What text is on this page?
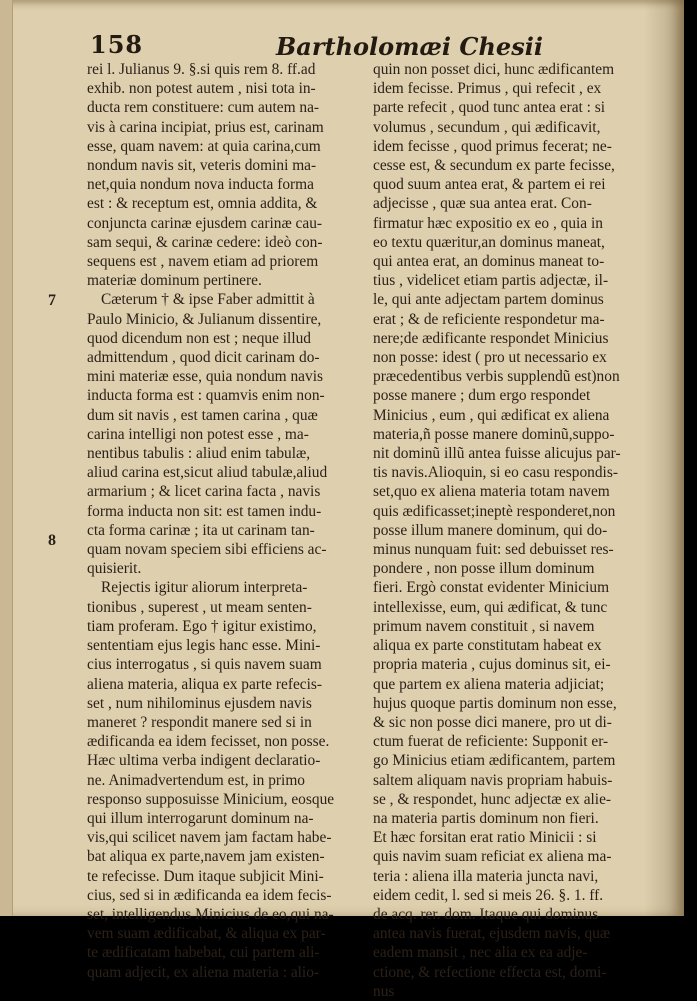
158	Bartholomæi Chesii
7
8
rei l. Julianus 9. §.si quis rem 8. ff.ad
exhib. non potest autem , nisi tota in-
ducta rem constituere: cum autem na-
vis à carina incipiat, prius est, carinam
esse, quam navem: at quia carina,cum
nondum navis sit, veteris domini ma-
net,quia nondum nova inducta forma
est : & receptum est, omnia addita, &
conjuncta carinæ ejusdem carinæ cau-
sam sequi, & carinæ cedere: ideò con-
sequens est , navem etiam ad priorem
materiæ dominum pertinere.
Cæterum † & ipse Faber admittit à
Paulo Minicio, & Julianum dissentire,
quod dicendum non est ; neque illud
admittendum , quod dicit carinam do-
mini materiæ esse, quia nondum navis
inducta forma est : quamvis enim non-
dum sit navis , est tamen carina , quæ
carina intelligi non potest esse , ma-
nentibus tabulis : aliud enim tabulæ,
aliud carina est,sicut aliud tabulæ,aliud
armarium ; & licet carina facta , navis
forma inducta non sit: est tamen indu-
cta forma carinæ ; ita ut carinam tan-
quam novam speciem sibi efficiens ac-
quisierit.
Rejectis igitur aliorum interpreta-
tionibus , superest , ut meam senten-
tiam proferam. Ego † igitur existimo,
sententiam ejus legis hanc esse. Mini-
cius interrogatus , si quis navem suam
aliena materia, aliqua ex parte refecis-
set , num nihilominus ejusdem navis
maneret ? respondit manere sed si in
ædificanda ea idem fecisset, non posse.
Hæc ultima verba indigent declaratio-
ne. Animadvertendum est, in primo
responso supposuisse Minicium, eosque
qui illum interrogarunt dominum na-
vis,qui scilicet navem jam factam habe-
bat aliqua ex parte,navem jam existen-
te refecisse. Dum itaque subjicit Mini-
cius, sed si in ædificanda ea idem fecis-
set, intelligendus Minicius de eo,qui na-
vem suam ædificabat, & aliqua ex par-
te ædificatam habebat, cui partem ali-
quam adjecit, ex aliena materia : alio-
quin non posset dici, hunc ædificantem
idem fecisse. Primus , qui refecit , ex
parte refecit , quod tunc antea erat : si
volumus , secundum , qui ædificavit,
idem fecisse , quod primus fecerat; ne-
cesse est, & secundum ex parte fecisse,
quod suum antea erat, & partem ei rei
adjecisse , quæ sua antea erat. Con-
firmatur hæc expositio ex eo , quia in
eo textu quæritur,an dominus maneat,
qui antea erat, an dominus maneat to-
tius , videlicet etiam partis adjectæ, il-
le, qui ante adjectam partem dominus
erat ; & de reficiente respondetur ma-
nere;de ædificante respondet Minicius
non posse: idest ( pro ut necessario ex
præcedentibus verbis supplendũ est)non
posse manere ; dum ergo respondet
Minicius , eum , qui ædificat ex aliena
materia,ñ posse manere dominũ,suppo-
nit dominũ illũ antea fuisse alicujus par-
tis navis.Alioquin, si eo casu respondis-
set,quo ex aliena materia totam navem
quis ædificasset;ineptè responderet,non
posse illum manere dominum, qui do-
minus nunquam fuit: sed debuisset res-
pondere , non posse illum dominum
fieri. Ergò constat evidenter Minicium
intellexisse, eum, qui ædificat, & tunc
primum navem constituit , si navem
aliqua ex parte constitutam habeat ex
propria materia , cujus dominus sit, ei-
que partem ex aliena materia adjiciat;
hujus quoque partis dominum non esse,
& sic non posse dici manere, pro ut di-
ctum fuerat de reficiente: Supponit er-
go Minicius etiam ædificantem, partem
saltem aliquam navis propriam habuis-
se , & respondet, hunc adjectæ ex alie-
na materia partis dominum non fieri.
Et hæc forsitan erat ratio Minicii : si
quis navim suam reficiat ex aliena ma-
teria : aliena illa materia juncta navi,
eidem cedit, l. sed si meis 26. §. 1. ff.
de acq. rer. dom. Itaque qui dominus
antea navis fuerat, ejusdem navis, quæ
eadem mansit , nec alia ex ea adje-
ctione, & refectione effecta est, domi-
nus
